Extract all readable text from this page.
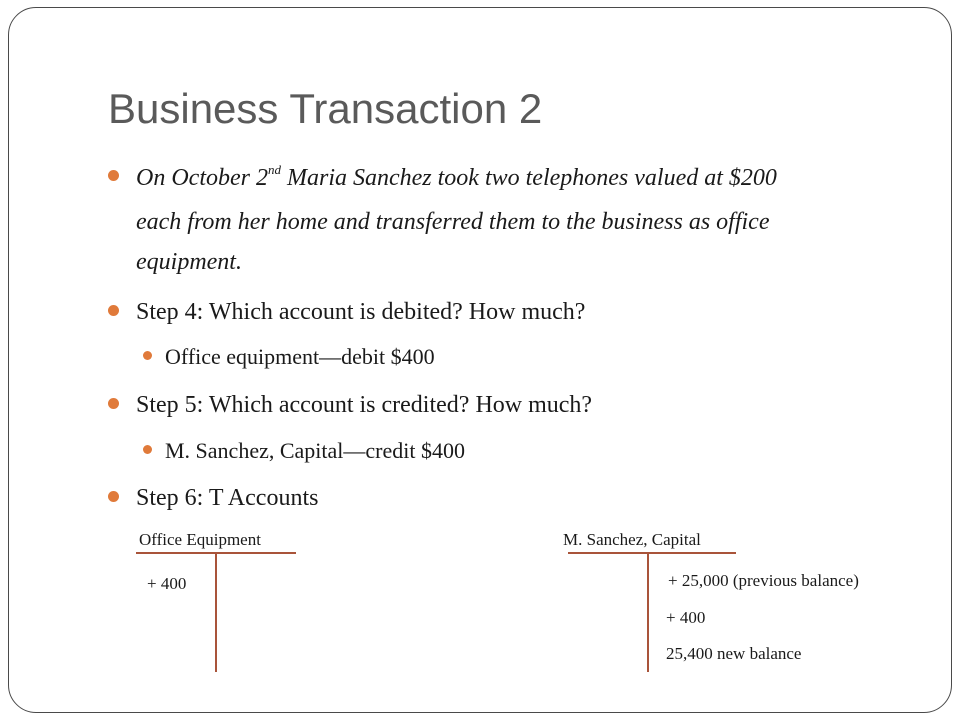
Business Transaction 2
On October 2nd Maria Sanchez took two telephones valued at $200
each from her home and transferred them to the business as office
equipment.
Step 4: Which account is debited? How much?
Office equipment—debit $400
Step 5: Which account is credited? How much?
M. Sanchez, Capital—credit $400
Step 6: T Accounts
Office Equipment
+ 400
M. Sanchez, Capital
+ 25,000 (previous balance)
+ 400
25,400 new balance
